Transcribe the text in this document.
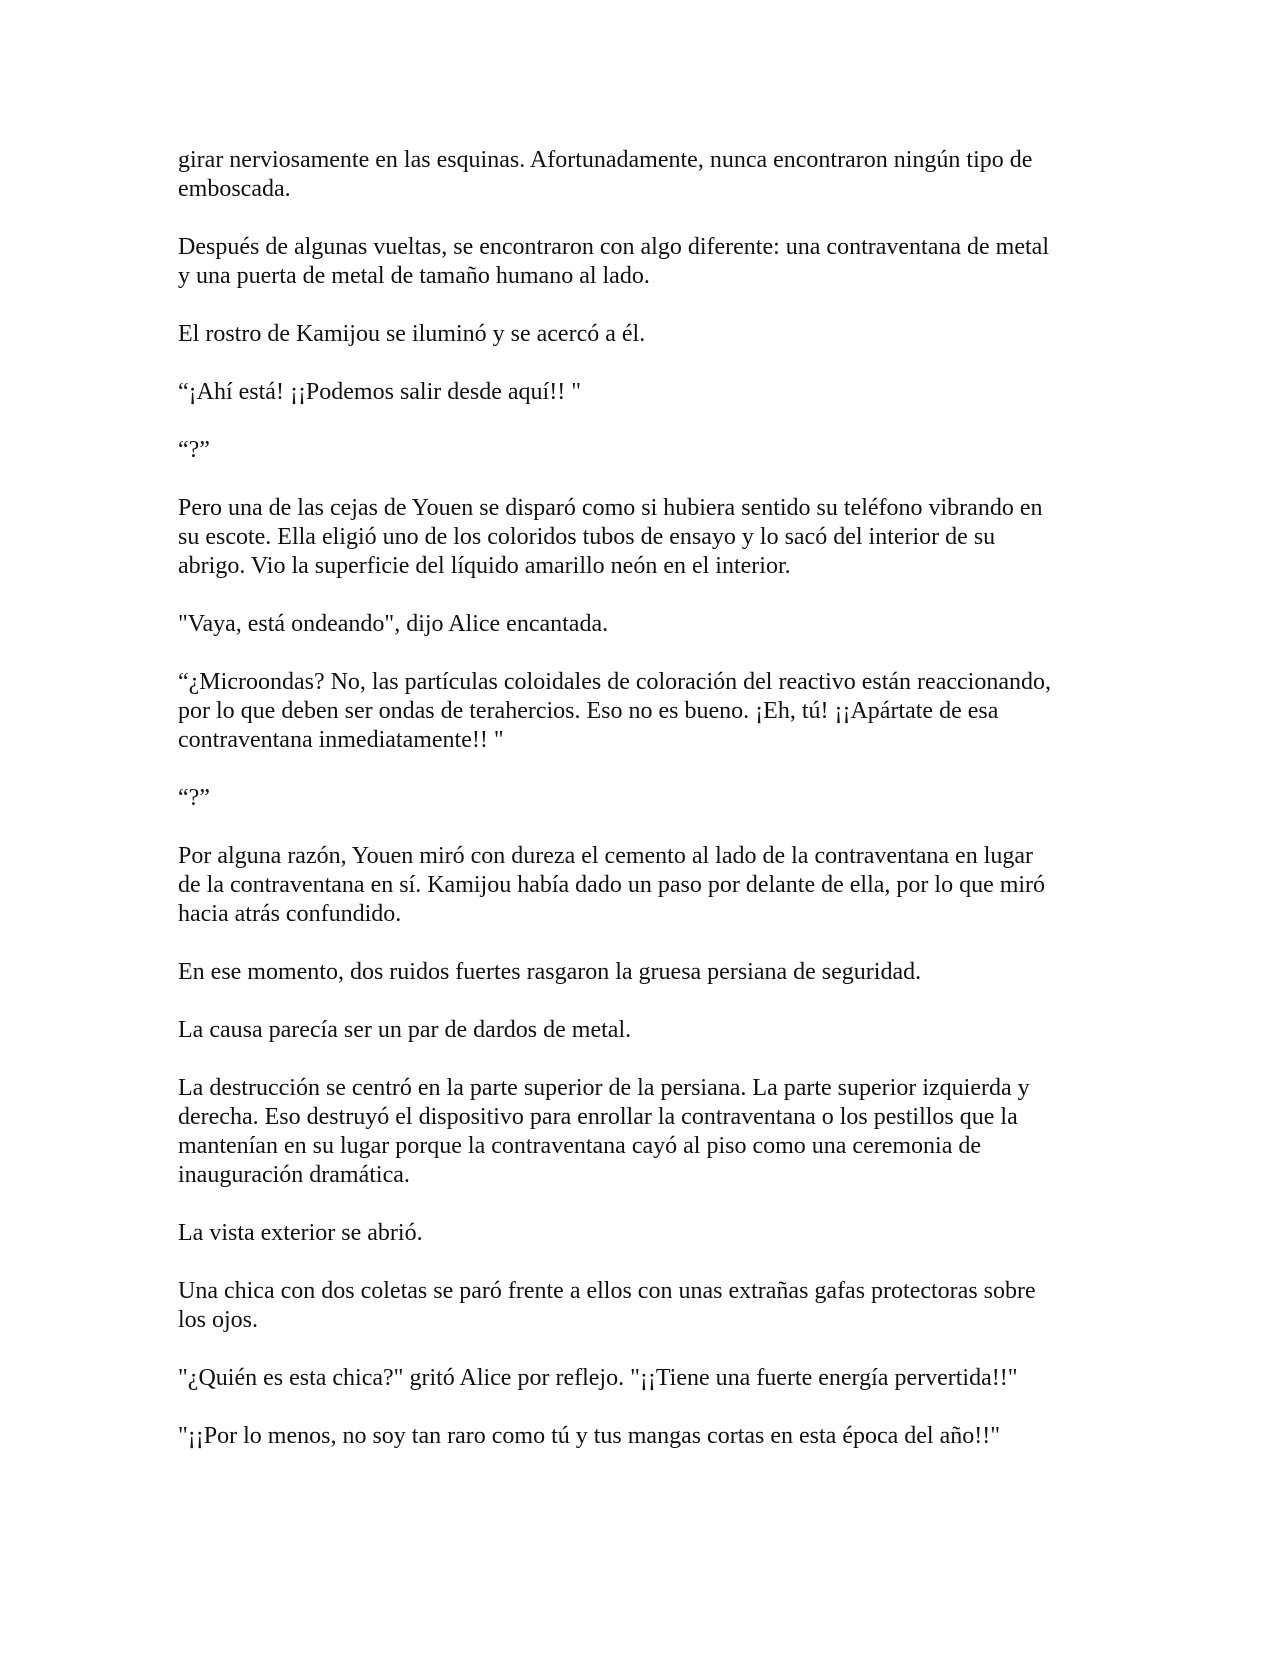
girar nerviosamente en las esquinas. Afortunadamente, nunca encontraron ningún tipo de
emboscada.

Después de algunas vueltas, se encontraron con algo diferente: una contraventana de metal
y una puerta de metal de tamaño humano al lado.

El rostro de Kamijou se iluminó y se acercó a él.

“¡Ahí está! ¡¡Podemos salir desde aquí!! "

“?”

Pero una de las cejas de Youen se disparó como si hubiera sentido su teléfono vibrando en
su escote. Ella eligió uno de los coloridos tubos de ensayo y lo sacó del interior de su
abrigo. Vio la superficie del líquido amarillo neón en el interior.

"Vaya, está ondeando", dijo Alice encantada.

“¿Microondas? No, las partículas coloidales de coloración del reactivo están reaccionando,
por lo que deben ser ondas de terahercios. Eso no es bueno. ¡Eh, tú! ¡¡Apártate de esa
contraventana inmediatamente!! "

“?”

Por alguna razón, Youen miró con dureza el cemento al lado de la contraventana en lugar
de la contraventana en sí. Kamijou había dado un paso por delante de ella, por lo que miró
hacia atrás confundido.

En ese momento, dos ruidos fuertes rasgaron la gruesa persiana de seguridad.

La causa parecía ser un par de dardos de metal.

La destrucción se centró en la parte superior de la persiana. La parte superior izquierda y
derecha. Eso destruyó el dispositivo para enrollar la contraventana o los pestillos que la
mantenían en su lugar porque la contraventana cayó al piso como una ceremonia de
inauguración dramática.

La vista exterior se abrió.

Una chica con dos coletas se paró frente a ellos con unas extrañas gafas protectoras sobre
los ojos.

"¿Quién es esta chica?" gritó Alice por reflejo. "¡¡Tiene una fuerte energía pervertida!!"

"¡¡Por lo menos, no soy tan raro como tú y tus mangas cortas en esta época del año!!"
